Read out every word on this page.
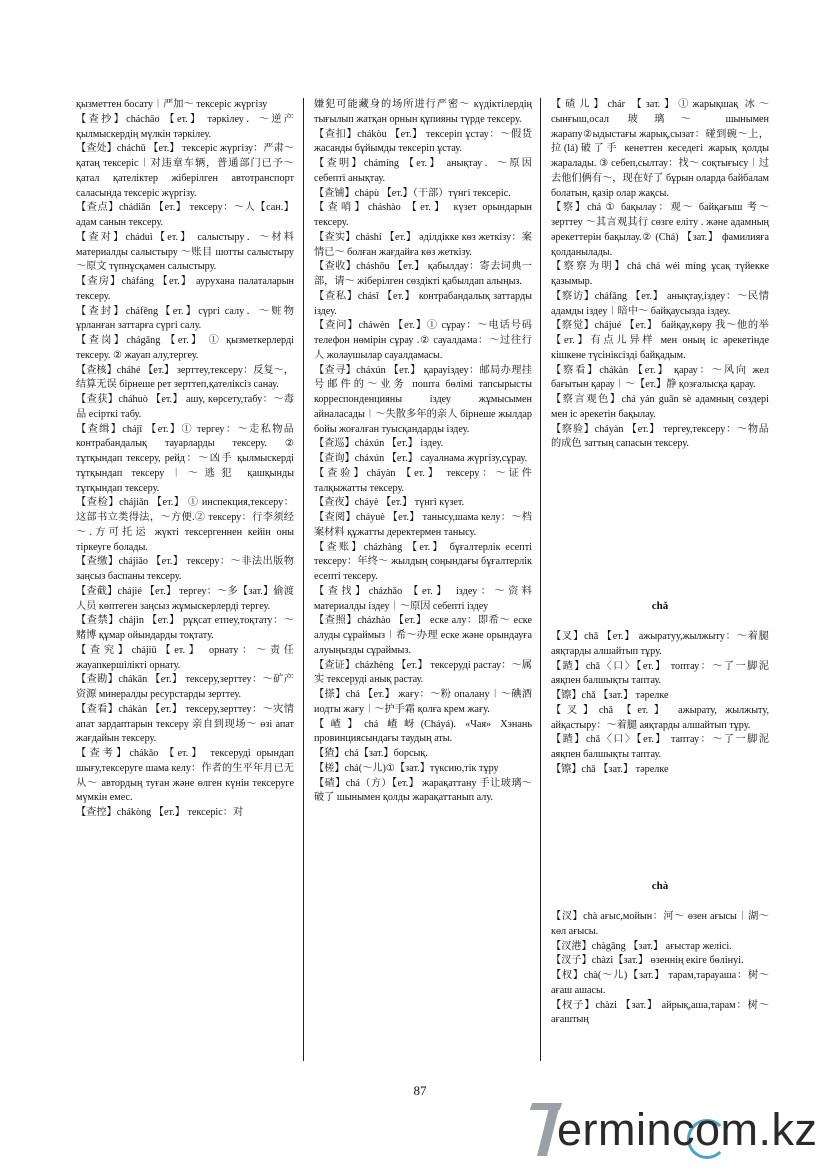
қызметтен босату︱严加～ тексеріс жүргізу

【查抄】cháchāo 【ет.】 тәркілеу．～逆产 қылмыскердің мүлкін тәркілеу.

【查处】cháchǔ 【ет.】 тексеріс жүргізу：严肃～ қатаң тексеріс︱对违章车辆，普通部门已予～ қатал қателіктер жіберілген автотранспорт саласында тексеріс жүргізу.

【查点】chádiǎn 【ет.】 тексеру：～人【сан.】адам санын тексеру.

【查对】cháduì【ет.】 салыстыру．～材料 материалды салыстыру ～账目 шотты салыстыру ～原文 түпнұсқамен салыстыру.

【查房】cháfáng 【ет.】 аурухана палаталарын тексеру.

【查封】cháfēng【ет.】сүргі салу．～赃物 ұрланған заттарға сүргі салу.

【查岗】chágǎng 【ет.】 ① қызметкерлерді тексеру. ② жауап алу,тергеу.

【查核】cháhé 【ет.】 зерттеу,тексеру：反复～，结算无误 бірнеше рет зерттеп,қателіксіз санау.

【查获】cháhuò 【ет.】 ашу, көрсету,табу：～毒品 есірткі табу.

【查缉】chájī 【ет.】① тергеу：～走私物品 контрабандалық тауарларды тексеру. ② тұтқындап тексеру, рейд：～凶手 қылмыскерді тұтқындап тексеру︱～逃犯 қашқынды тұтқындап тексеру.

【查检】chájiǎn 【ет.】 ① инспекция,тексеру：这部书立类得法，～方便.② тексеру：行李须经～.方可托运 жүкті тексергеннен кейін оны тіркеуге болады.

【查缴】chájiǎo 【ет.】 тексеру：～非法出版物 заңсыз баспаны тексеру.

【查截】chájié 【ет.】 тергеу：～多【зат.】偷渡人员 көптеген заңсыз жұмыскерлерді тергеу.

【查禁】chájìn 【ет.】 рұқсат етпеу,тоқтату：～赌博 құмар ойындарды тоқтату.

【查究】chájiū【ет.】 орнату：～责任 жауапкершілікті орнату.

【查勘】chákān 【ет.】 тексеру,зерттеу：～矿产资源 минералды ресурстарды зерттеу.

【查看】chákàn 【ет.】 тексеру,зерттеу：～灾情 апат зардаптарын тексеру 亲自到现场～ өзі апат жағдайын тексеру.

【查考】chákǎo 【ет.】 тексеруді орындап шығу,тексеруге шама келу：作者的生平年月已无从～ автордың туған және өлген күнін тексеруге мүмкін емес.

【查控】chákòng 【ет.】 тексеріс：对

嫌犯可能藏身的场所进行严密～ күдіктілердің тығылып жатқан орнын құпияны түрде тексеру.

【查扣】chákòu 【ет.】 тексеріп ұстау：～假货 жасанды бұйымды тексеріп ұстау.

【查明】chámíng 【ет.】 анықтау．～原因 себепті анықтау.

【查铺】chápù 【ет.】（干部）түнгі тексеріс.

【查哨】cháshào 【ет.】 күзет орындарын тексеру.

【查实】cháshí 【ет.】 әділдікке көз жеткізу：案情已～ болған жағдайға көз жеткізу.

【查收】cháshōu 【ет.】 қабылдау：寄去词典一部，请～ жіберілген сөздікті қабылдап алыңыз.

【查私】chásī 【ет.】 контрабандалық заттарды іздеу.

【查问】cháwèn 【ет.】① сұрау：～电话号码 телефон нөмірін сұрау .② сауалдама：～过往行人 жолаушылар сауалдамасы.

【查寻】cháxún 【ет.】 қарауіздеу：邮局办理挂号邮件的～业务 пошта бөлімі тапсырысты корреспонденцияны іздеу жұмысымен айналасады︱～失散多年的亲人 бірнеше жылдар бойы жоғалған туысқандарды іздеу.

【查巡】cháxún 【ет.】 іздеу.

【查询】cháxún 【ет.】 сауалнама жүргізу,сұрау.

【查验】cháyàn 【ет.】 тексеру：～证件 талқыжатты тексеру.

【查夜】cháyè 【ет.】 түнгі күзет.

【查阅】cháyuè 【ет.】 танысу,шама келу：～档案材料 құжатты деректермен танысу.

【查账】cházhàng 【ет.】 бұғалтерлік есепті тексеру：年终～ жылдың соңындағы бұғалтерлік есепті тексеру.

【查找】cházhǎo 【ет.】 іздеу：～资料 материалды іздеу︱～原因 себепті іздеу

【查照】cházhào 【ет.】 еске алу：即希～ еске алуды сұраймыз︱希～办理 еске және орындауға алуыңызды сұраймыз.

【查证】cházhèng 【ет.】 тексеруді растау：～属实 тексеруді анық растау.

【搽】chá 【ет.】 жағу：～粉 опалану︱～碘酒 иодты жағу︱～护手霜 қолға крем жағу.

【嵖】chá 嵖岈(Cháyá). «Чая» Хэнань провинциясындағы таудың аты.

【猹】chá【зат.】борсық.

【槎】chá(～儿)①【зат.】түксию,тік тұру

【碴】chá（方）【ет.】 жарақаттану 手让玻璃～破了 шынымен қолды жарақаттанып алу.

【碴儿】chár 【зат.】①жарықшақ 冰～ сынғыш,осал 玻璃～ шынымен жарапу②ыдыстағы жарық,сызат：碰到碗～上，拉(lá)破了手 кенеттен кеседегі жарық қолды жаралады. ③ себеп,сылтау：找～ соқтығысу︱过去他们俩有～，现在好了 бұрын оларда байбалам болатын, қазір олар жақсы.

【察】chá ① бақылау：观～ байқағыш 考～зерттеу ～其言观其行 сөзге еліту . және адамның әрекеттерін бақылау.② (Chá) 【зат.】 фамилияға қолданылады.

【察察为明】chá chá wéi míng ұсақ түйекке қазымыр.

【察访】cháfǎng 【ет.】 анықтау,іздеу：～民情 адамды іздеу︱暗中～ байқаусызда іздеу.

【察觉】chájué 【ет.】 байқау,көру 我～他的举【ет.】有点儿异样 мен оның іс әрекетінде кішкене түсініксізді байқадым.

【察看】chákàn 【ет.】 қарау：～风向 жел бағытын қарау︱～【ет.】静 қозғалысқа қарау.

【察言观色】chá yán guān sè адамның сөздері мен іс әрекетін бақылау.

【察验】cháyàn 【ет.】 тергеу,тексеру：～物品的成色 заттың сапасын тексеру.

chǎ

【叉】chǎ 【ет.】 ажыратуу,жылжыту：～着腿 аяқтарды алшайтып тұру.

【蹅】chǎ〈口〉【ет.】 топтау：～了一脚泥 аяқпен балшықты таптау.

【镲】chǎ 【зат.】 тәрелке

【叉】chǎ 【ет.】 ажырату, жылжыту, айқастыру：～着腿 аяқтарды алшайтып тұру.

【蹅】chǎ〈口〉【ет.】 таптау：～了一脚泥 аяқпен балшықты таптау.

【镲】chǎ 【зат.】 тәрелке

chà

【汊】chà ағыс,мойын：河～ өзен ағысы︱湖～ көл ағысы.

【汊港】chàgǎng 【зат.】 ағыстар желісі.

【汊子】chàzi【зат.】 өзеннің екіге бөлінуі.

【杈】chà(～儿)【зат.】 тарам,тарауаша：树～ ағаш ашасы.

【杈子】chàzi 【зат.】 айрық,аша,тарам：树～ ағаштың

87
ermincom.kz
